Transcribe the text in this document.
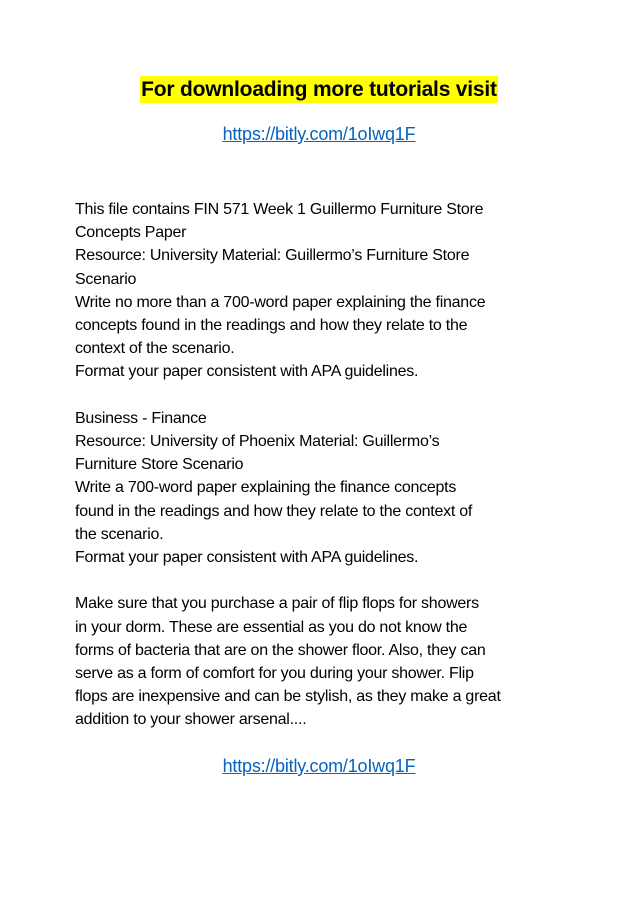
For downloading more tutorials visit
https://bitly.com/1oIwq1F
This file contains FIN 571 Week 1 Guillermo Furniture Store
Concepts Paper
Resource: University Material: Guillermo’s Furniture Store
Scenario
Write no more than a 700-word paper explaining the finance
concepts found in the readings and how they relate to the
context of the scenario.
Format your paper consistent with APA guidelines.
Business - Finance
Resource: University of Phoenix Material: Guillermo’s
Furniture Store Scenario
Write a 700-word paper explaining the finance concepts
found in the readings and how they relate to the context of
the scenario.
Format your paper consistent with APA guidelines.
Make sure that you purchase a pair of flip flops for showers
in your dorm. These are essential as you do not know the
forms of bacteria that are on the shower floor. Also, they can
serve as a form of comfort for you during your shower. Flip
flops are inexpensive and can be stylish, as they make a great
addition to your shower arsenal....
https://bitly.com/1oIwq1F
